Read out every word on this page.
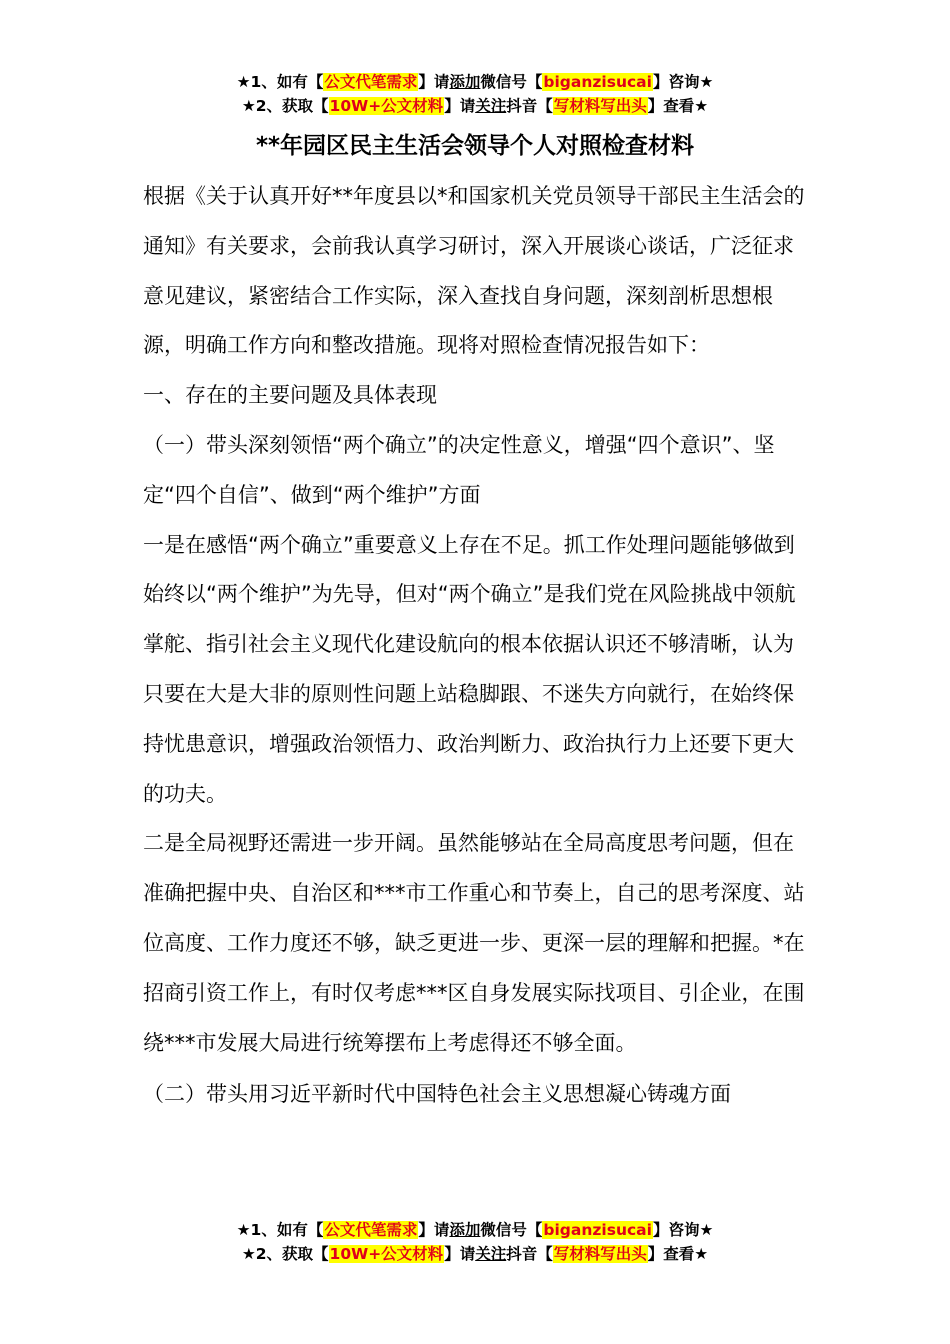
★1、如有【公文代笔需求】请添加微信号【biganzisucai】咨询★
★2、获取【10W+公文材料】请关注抖音【写材料写出头】查看★
**年园区民主生活会领导个人对照检查材料

根据《关于认真开好**年度县以*和国家机关党员领导干部民主生活会的通知》有关要求，会前我认真学习研讨，深入开展谈心谈话，广泛征求意见建议，紧密结合工作实际，深入查找自身问题，深刻剖析思想根源，明确工作方向和整改措施。现将对照检查情况报告如下：

一、存在的主要问题及具体表现

（一）带头深刻领悟“两个确立”的决定性意义，增强“四个意识”、坚定“四个自信”、做到“两个维护”方面

一是在感悟“两个确立”重要意义上存在不足。抓工作处理问题能够做到始终以“两个维护”为先导，但对“两个确立”是我们党在风险挑战中领航掌舵、指引社会主义现代化建设航向的根本依据认识还不够清晰，认为只要在大是大非的原则性问题上站稳脚跟、不迷失方向就行，在始终保持忧患意识，增强政治领悟力、政治判断力、政治执行力上还要下更大的功夫。

二是全局视野还需进一步开阔。虽然能够站在全局高度思考问题，但在准确把握中央、自治区和***市工作重心和节奏上，自己的思考深度、站位高度、工作力度还不够，缺乏更进一步、更深一层的理解和把握。*在招商引资工作上，有时仅考虑***区自身发展实际找项目、引企业，在围绕***市发展大局进行统筹摆布上考虑得还不够全面。

（二）带头用习近平新时代中国特色社会主义思想凝心铸魂方面

★1、如有【公文代笔需求】请添加微信号【biganzisucai】咨询★
★2、获取【10W+公文材料】请关注抖音【写材料写出头】查看★
